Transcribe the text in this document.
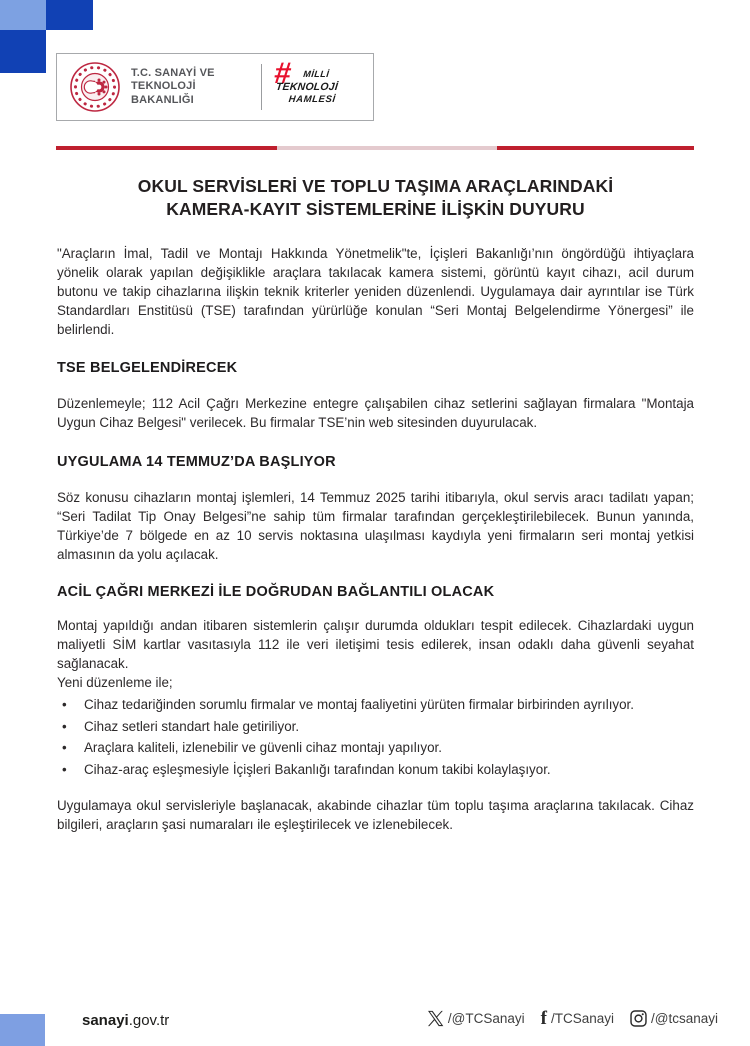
T.C. SANAYİ VE
TEKNOLOJİ BAKANLIĞI
# MİLLİ
TEKNOLOJİ
HAMLESİ
OKUL SERVİSLERİ VE TOPLU TAŞIMA ARAÇLARINDAKİ
KAMERA-KAYIT SİSTEMLERİNE İLİŞKİN DUYURU

"Araçların İmal, Tadil ve Montajı Hakkında Yönetmelik"te, İçişleri Bakanlığı’nın öngördüğü ihtiyaçlara yönelik olarak yapılan değişiklikle araçlara takılacak kamera sistemi, görüntü kayıt cihazı, acil durum butonu ve takip cihazlarına ilişkin teknik kriterler yeniden düzenlendi. Uygulamaya dair ayrıntılar ise Türk Standardları Enstitüsü (TSE) tarafından yürürlüğe konulan “Seri Montaj Belgelendirme Yönergesi” ile belirlendi.

TSE BELGELENDİRECEK

Düzenlemeyle; 112 Acil Çağrı Merkezine entegre çalışabilen cihaz setlerini sağlayan firmalara "Montaja Uygun Cihaz Belgesi" verilecek. Bu firmalar TSE’nin web sitesinden duyurulacak.

UYGULAMA 14 TEMMUZ’DA BAŞLIYOR

Söz konusu cihazların montaj işlemleri, 14 Temmuz 2025 tarihi itibarıyla, okul servis aracı tadilatı yapan; “Seri Tadilat Tip Onay Belgesi”ne sahip tüm firmalar tarafından gerçekleştirilebilecek. Bunun yanında, Türkiye’de 7 bölgede en az 10 servis noktasına ulaşılması kaydıyla yeni firmaların seri montaj yetkisi almasının da yolu açılacak.

ACİL ÇAĞRI MERKEZİ İLE DOĞRUDAN BAĞLANTILI OLACAK

Montaj yapıldığı andan itibaren sistemlerin çalışır durumda oldukları tespit edilecek. Cihazlardaki uygun maliyetli SİM kartlar vasıtasıyla 112 ile veri iletişimi tesis edilerek, insan odaklı daha güvenli seyahat sağlanacak.

Yeni düzenleme ile;
• Cihaz tedariğinden sorumlu firmalar ve montaj faaliyetini yürüten firmalar birbirinden ayrılıyor.
• Cihaz setleri standart hale getiriliyor.
• Araçlara kaliteli, izlenebilir ve güvenli cihaz montajı yapılıyor.
• Cihaz-araç eşleşmesiyle İçişleri Bakanlığı tarafından konum takibi kolaylaşıyor.

Uygulamaya okul servisleriyle başlanacak, akabinde cihazlar tüm toplu taşıma araçlarına takılacak. Cihaz bilgileri, araçların şasi numaraları ile eşleştirilecek ve izlenebilecek.

sanayi.gov.tr	/@TCSanayi f /TCSanayi	/@tcsanayi
